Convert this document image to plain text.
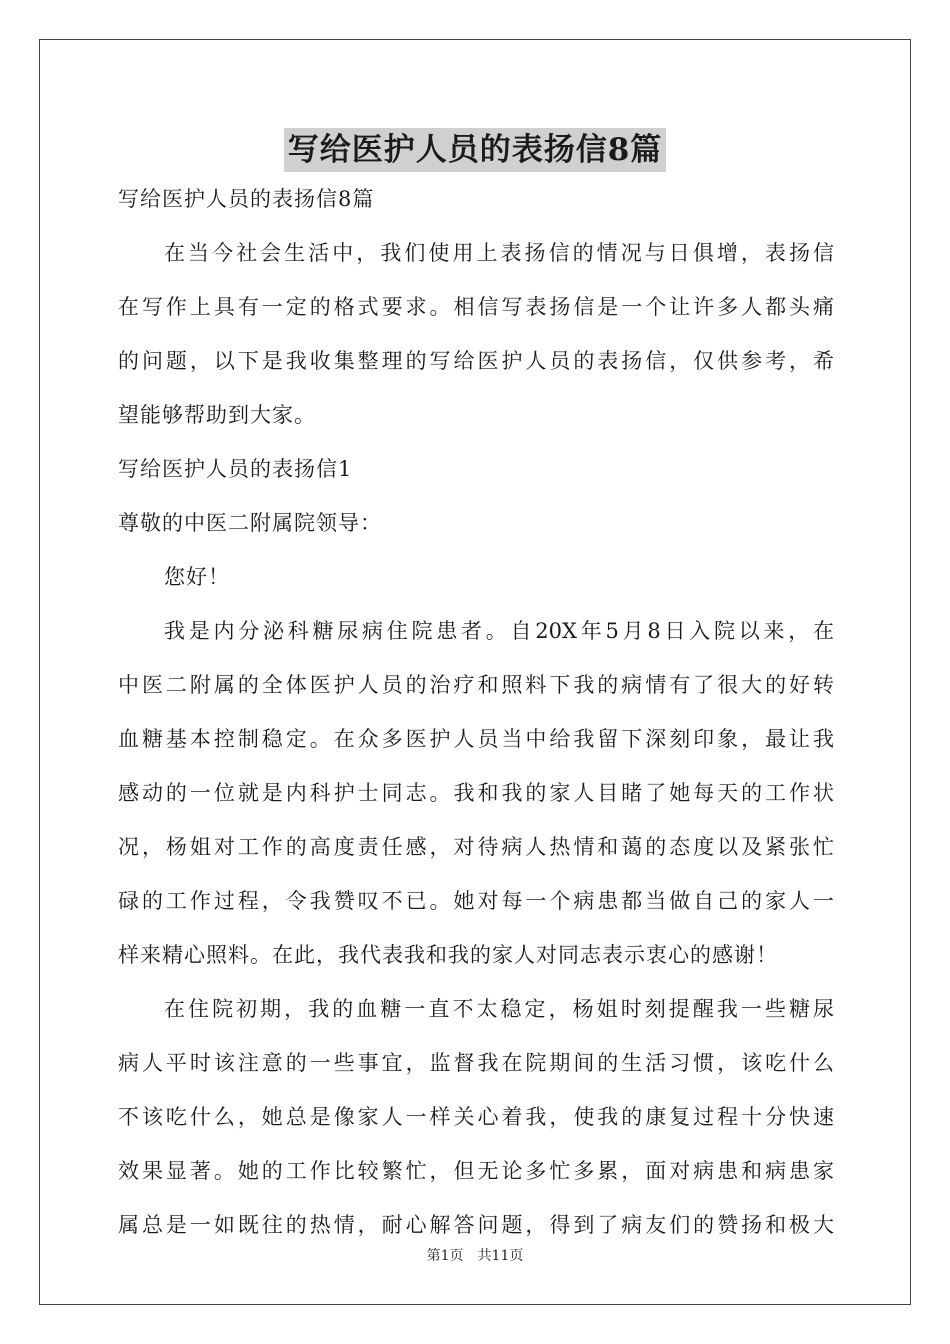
写给医护人员的表扬信8篇
写给医护人员的表扬信8篇
在当今社会生活中，我们使用上表扬信的情况与日俱增，表扬信
在写作上具有一定的格式要求。相信写表扬信是一个让许多人都头痛
的问题，以下是我收集整理的写给医护人员的表扬信，仅供参考，希
望能够帮助到大家。
写给医护人员的表扬信1
尊敬的中医二附属院领导：
您好！
我是内分泌科糖尿病住院患者。自20X年5月8日入院以来，在
中医二附属的全体医护人员的治疗和照料下我的病情有了很大的好转
血糖基本控制稳定。在众多医护人员当中给我留下深刻印象，最让我
感动的一位就是内科护士同志。我和我的家人目睹了她每天的工作状
况，杨姐对工作的高度责任感，对待病人热情和蔼的态度以及紧张忙
碌的工作过程，令我赞叹不已。她对每一个病患都当做自己的家人一
样来精心照料。在此，我代表我和我的家人对同志表示衷心的感谢！
在住院初期，我的血糖一直不太稳定，杨姐时刻提醒我一些糖尿
病人平时该注意的一些事宜，监督我在院期间的生活习惯，该吃什么
不该吃什么，她总是像家人一样关心着我，使我的康复过程十分快速
效果显著。她的工作比较繁忙，但无论多忙多累，面对病患和病患家
属总是一如既往的热情，耐心解答问题，得到了病友们的赞扬和极大
第1页 共11页
